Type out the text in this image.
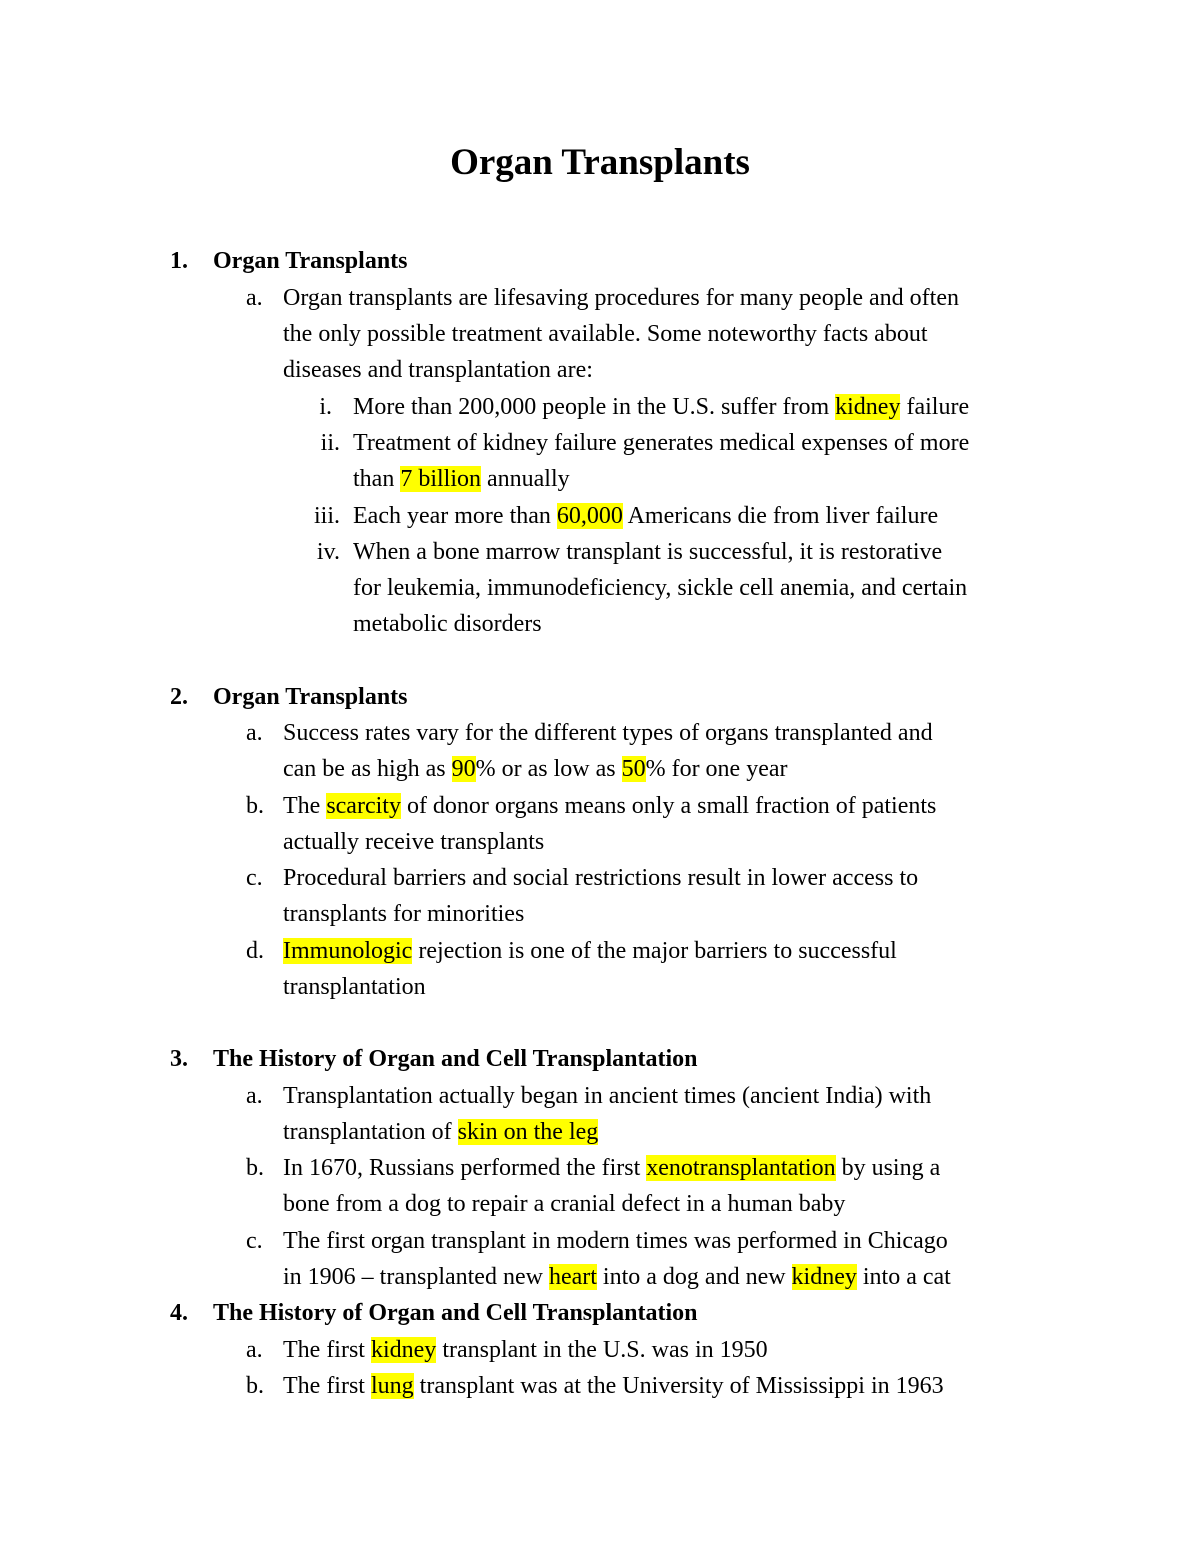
Organ Transplants
1. Organ Transplants
a. Organ transplants are lifesaving procedures for many people and often
the only possible treatment available. Some noteworthy facts about
diseases and transplantation are:
i. More than 200,000 people in the U.S. suffer from kidney failure
ii. Treatment of kidney failure generates medical expenses of more
than 7 billion annually
iii. Each year more than 60,000 Americans die from liver failure
iv. When a bone marrow transplant is successful, it is restorative
for leukemia, immunodeficiency, sickle cell anemia, and certain
metabolic disorders
2. Organ Transplants
a. Success rates vary for the different types of organs transplanted and
can be as high as 90% or as low as 50% for one year
b. The scarcity of donor organs means only a small fraction of patients
actually receive transplants
c. Procedural barriers and social restrictions result in lower access to
transplants for minorities
d. Immunologic rejection is one of the major barriers to successful
transplantation
3. The History of Organ and Cell Transplantation
a. Transplantation actually began in ancient times (ancient India) with
transplantation of skin on the leg
b. In 1670, Russians performed the first xenotransplantation by using a
bone from a dog to repair a cranial defect in a human baby
c. The first organ transplant in modern times was performed in Chicago
in 1906 – transplanted new heart into a dog and new kidney into a cat
4. The History of Organ and Cell Transplantation
a. The first kidney transplant in the U.S. was in 1950
b. The first lung transplant was at the University of Mississippi in 1963
